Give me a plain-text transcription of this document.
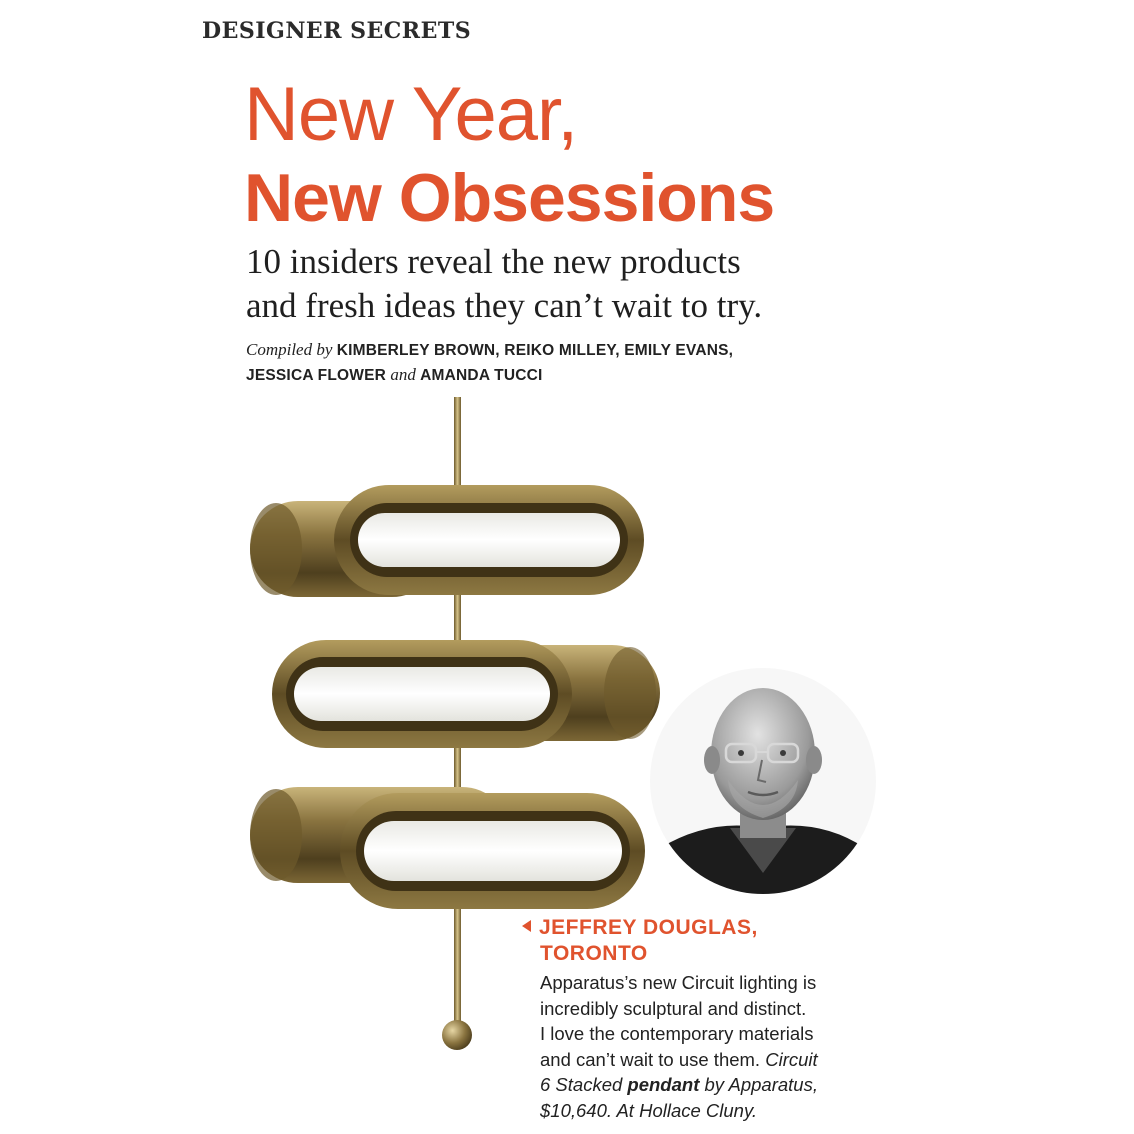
DESIGNER SECRETS
New Year,
New Obsessions
10 insiders reveal the new products
and fresh ideas they can’t wait to try.
Compiled by KIMBERLEY BROWN, REIKO MILLEY, EMILY EVANS,
JESSICA FLOWER and AMANDA TUCCI
JEFFREY DOUGLAS,
TORONTO
Apparatus’s new Circuit lighting is
incredibly sculptural and distinct.
I love the contemporary materials
and can’t wait to use them. Circuit
6 Stacked pendant by Apparatus,
$10,640. At Hollace Cluny.
